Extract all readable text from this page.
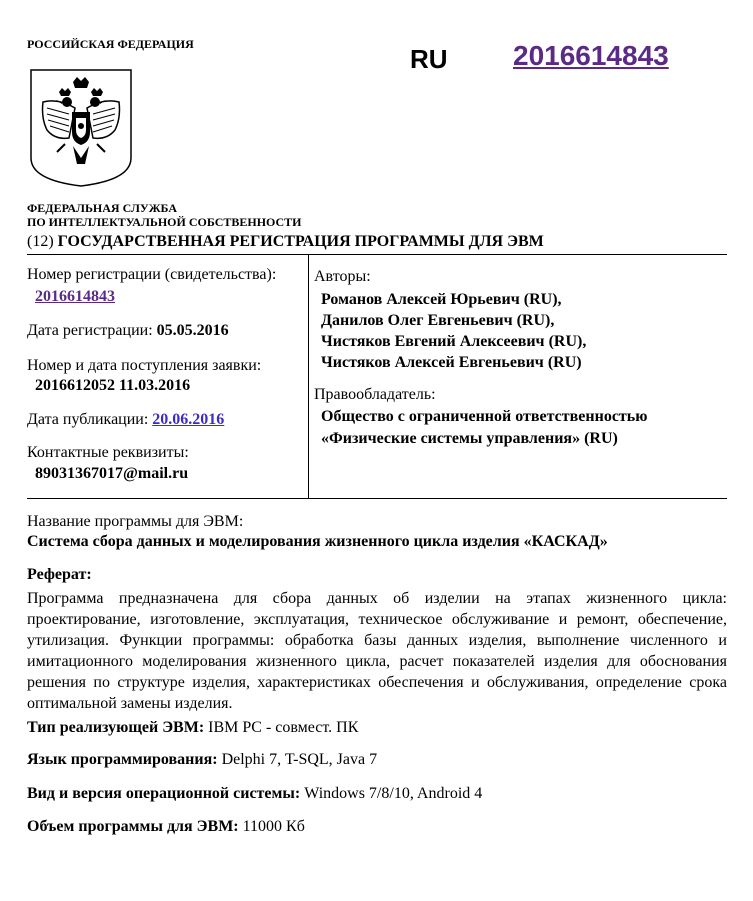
РОССИЙСКАЯ ФЕДЕРАЦИЯ	RU 2016614843
ФЕДЕРАЛЬНАЯ СЛУЖБА
ПО ИНТЕЛЛЕКТУАЛЬНОЙ СОБСТВЕННОСТИ
(12) ГОСУДАРСТВЕННАЯ РЕГИСТРАЦИЯ ПРОГРАММЫ ДЛЯ ЭВМ
Номер регистрации (свидетельства):
2016614843
Дата регистрации: 05.05.2016
Номер и дата поступления заявки:
2016612052 11.03.2016
Дата публикации: 20.06.2016
Контактные реквизиты:
89031367017@mail.ru
Авторы:
Романов Алексей Юрьевич (RU),
Данилов Олег Евгеньевич (RU),
Чистяков Евгений Алексеевич (RU),
Чистяков Алексей Евгеньевич (RU)
Правообладатель:
Общество с ограниченной ответственностью
«Физические системы управления» (RU)
Название программы для ЭВМ:
Система сбора данных и моделирования жизненного цикла изделия «КАСКАД»
Реферат:
Программа предназначена для сбора данных об изделии на этапах жизненного цикла: проектирование, изготовление, эксплуатация, техническое обслуживание и ремонт, обеспечение, утилизация. Функции программы: обработка базы данных изделия, выполнение численного и имитационного моделирования жизненного цикла, расчет показателей изделия для обоснования решения по структуре изделия, характеристиках обеспечения и обслуживания, определение срока оптимальной замены изделия.
Тип реализующей ЭВМ: IBM PC - совмест. ПК
Язык программирования: Delphi 7, T-SQL, Java 7
Вид и версия операционной системы: Windows 7/8/10, Android 4
Объем программы для ЭВМ: 11000 Кб
